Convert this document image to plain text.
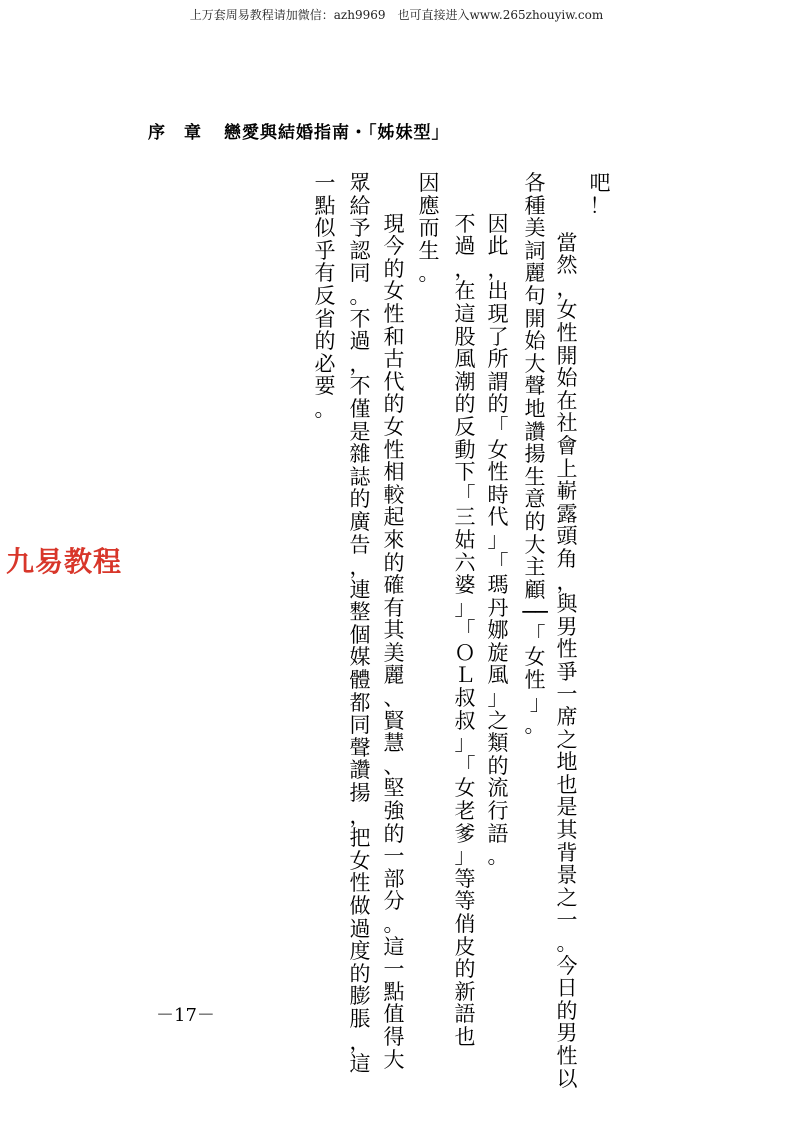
上万套周易教程请加微信：azh9969　也可直接进入www.265zhouyiw.com
序　章 戀愛與結婚指南・「姊妹型」
吧！
　當然，女性開始在社會上嶄露頭角，與男性爭一席之地也是其背景之一。今日的男性以
各種美詞麗句開始大聲地讚揚生意的大主顧──「女性」。
　因此，出現了所謂的「女性時代」「瑪丹娜旋風」之類的流行語。
　不過，在這股風潮的反動下「三姑六婆」「ＯＬ叔叔」「女老爹」等等俏皮的新語也
因應而生。
　現今的女性和古代的女性相較起來的確有其美麗、賢慧、堅強的一部分。這一點值得大
眾給予認同。不過，不僅是雜誌的廣告，連整個媒體都同聲讚揚，把女性做過度的膨脹，這
一點似乎有反省的必要。
九易教程
－17－
